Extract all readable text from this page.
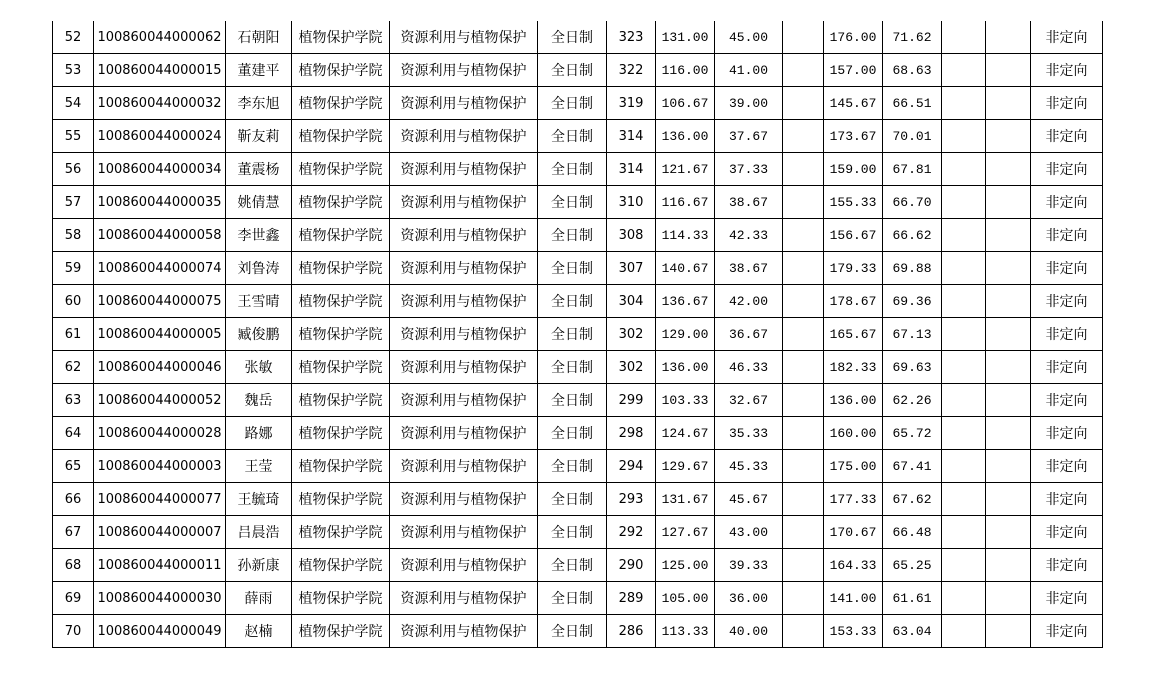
52	100860044000062	石朝阳	植物保护学院	资源利用与植物保护	全日制	323	131.00	45.00		176.00	71.62			非定向
53	100860044000015	董建平	植物保护学院	资源利用与植物保护	全日制	322	116.00	41.00		157.00	68.63			非定向
54	100860044000032	李东旭	植物保护学院	资源利用与植物保护	全日制	319	106.67	39.00		145.67	66.51			非定向
55	100860044000024	靳友莉	植物保护学院	资源利用与植物保护	全日制	314	136.00	37.67		173.67	70.01			非定向
56	100860044000034	董震杨	植物保护学院	资源利用与植物保护	全日制	314	121.67	37.33		159.00	67.81			非定向
57	100860044000035	姚倩慧	植物保护学院	资源利用与植物保护	全日制	310	116.67	38.67		155.33	66.70			非定向
58	100860044000058	李世鑫	植物保护学院	资源利用与植物保护	全日制	308	114.33	42.33		156.67	66.62			非定向
59	100860044000074	刘鲁涛	植物保护学院	资源利用与植物保护	全日制	307	140.67	38.67		179.33	69.88			非定向
60	100860044000075	王雪晴	植物保护学院	资源利用与植物保护	全日制	304	136.67	42.00		178.67	69.36			非定向
61	100860044000005	臧俊鹏	植物保护学院	资源利用与植物保护	全日制	302	129.00	36.67		165.67	67.13			非定向
62	100860044000046	张敏	植物保护学院	资源利用与植物保护	全日制	302	136.00	46.33		182.33	69.63			非定向
63	100860044000052	魏岳	植物保护学院	资源利用与植物保护	全日制	299	103.33	32.67		136.00	62.26			非定向
64	100860044000028	路娜	植物保护学院	资源利用与植物保护	全日制	298	124.67	35.33		160.00	65.72			非定向
65	100860044000003	王莹	植物保护学院	资源利用与植物保护	全日制	294	129.67	45.33		175.00	67.41			非定向
66	100860044000077	王毓琦	植物保护学院	资源利用与植物保护	全日制	293	131.67	45.67		177.33	67.62			非定向
67	100860044000007	吕晨浩	植物保护学院	资源利用与植物保护	全日制	292	127.67	43.00		170.67	66.48			非定向
68	100860044000011	孙新康	植物保护学院	资源利用与植物保护	全日制	290	125.00	39.33		164.33	65.25			非定向
69	100860044000030	薛雨	植物保护学院	资源利用与植物保护	全日制	289	105.00	36.00		141.00	61.61			非定向
70	100860044000049	赵楠	植物保护学院	资源利用与植物保护	全日制	286	113.33	40.00		153.33	63.04			非定向
